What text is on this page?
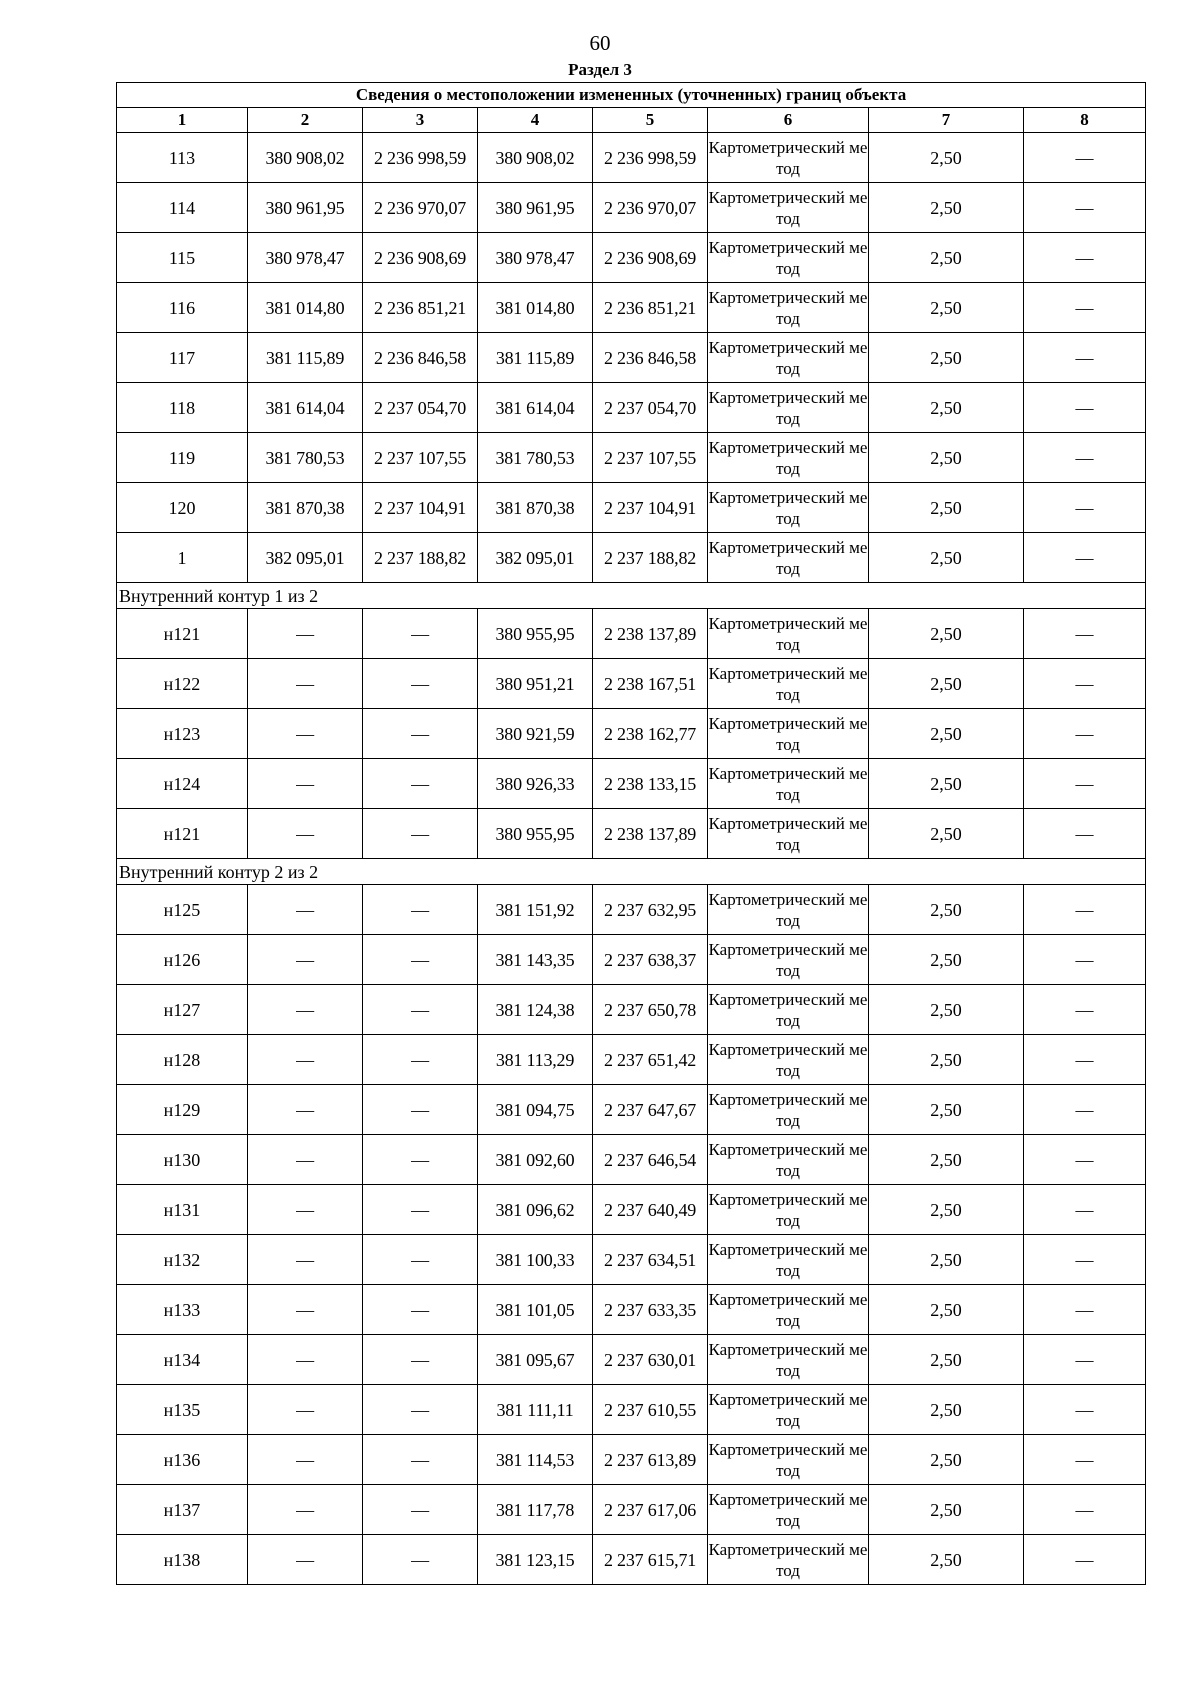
60
Раздел 3
Сведения о местоположении измененных (уточненных) границ объекта							
1	2	3	4	5	6	7	8
113	380 908,02	2 236 998,59	380 908,02	2 236 998,59	Картометрический метод	2,50	—
114	380 961,95	2 236 970,07	380 961,95	2 236 970,07	Картометрический метод	2,50	—
115	380 978,47	2 236 908,69	380 978,47	2 236 908,69	Картометрический метод	2,50	—
116	381 014,80	2 236 851,21	381 014,80	2 236 851,21	Картометрический метод	2,50	—
117	381 115,89	2 236 846,58	381 115,89	2 236 846,58	Картометрический метод	2,50	—
118	381 614,04	2 237 054,70	381 614,04	2 237 054,70	Картометрический метод	2,50	—
119	381 780,53	2 237 107,55	381 780,53	2 237 107,55	Картометрический метод	2,50	—
120	381 870,38	2 237 104,91	381 870,38	2 237 104,91	Картометрический метод	2,50	—
1	382 095,01	2 237 188,82	382 095,01	2 237 188,82	Картометрический метод	2,50	—
Внутренний контур 1 из 2							
н121	—	—	380 955,95	2 238 137,89	Картометрический метод	2,50	—
н122	—	—	380 951,21	2 238 167,51	Картометрический метод	2,50	—
н123	—	—	380 921,59	2 238 162,77	Картометрический метод	2,50	—
н124	—	—	380 926,33	2 238 133,15	Картометрический метод	2,50	—
н121	—	—	380 955,95	2 238 137,89	Картометрический метод	2,50	—
Внутренний контур 2 из 2							
н125	—	—	381 151,92	2 237 632,95	Картометрический метод	2,50	—
н126	—	—	381 143,35	2 237 638,37	Картометрический метод	2,50	—
н127	—	—	381 124,38	2 237 650,78	Картометрический метод	2,50	—
н128	—	—	381 113,29	2 237 651,42	Картометрический метод	2,50	—
н129	—	—	381 094,75	2 237 647,67	Картометрический метод	2,50	—
н130	—	—	381 092,60	2 237 646,54	Картометрический метод	2,50	—
н131	—	—	381 096,62	2 237 640,49	Картометрический метод	2,50	—
н132	—	—	381 100,33	2 237 634,51	Картометрический метод	2,50	—
н133	—	—	381 101,05	2 237 633,35	Картометрический метод	2,50	—
н134	—	—	381 095,67	2 237 630,01	Картометрический метод	2,50	—
н135	—	—	381 111,11	2 237 610,55	Картометрический метод	2,50	—
н136	—	—	381 114,53	2 237 613,89	Картометрический метод	2,50	—
н137	—	—	381 117,78	2 237 617,06	Картометрический метод	2,50	—
н138	—	—	381 123,15	2 237 615,71	Картометрический метод	2,50	—
